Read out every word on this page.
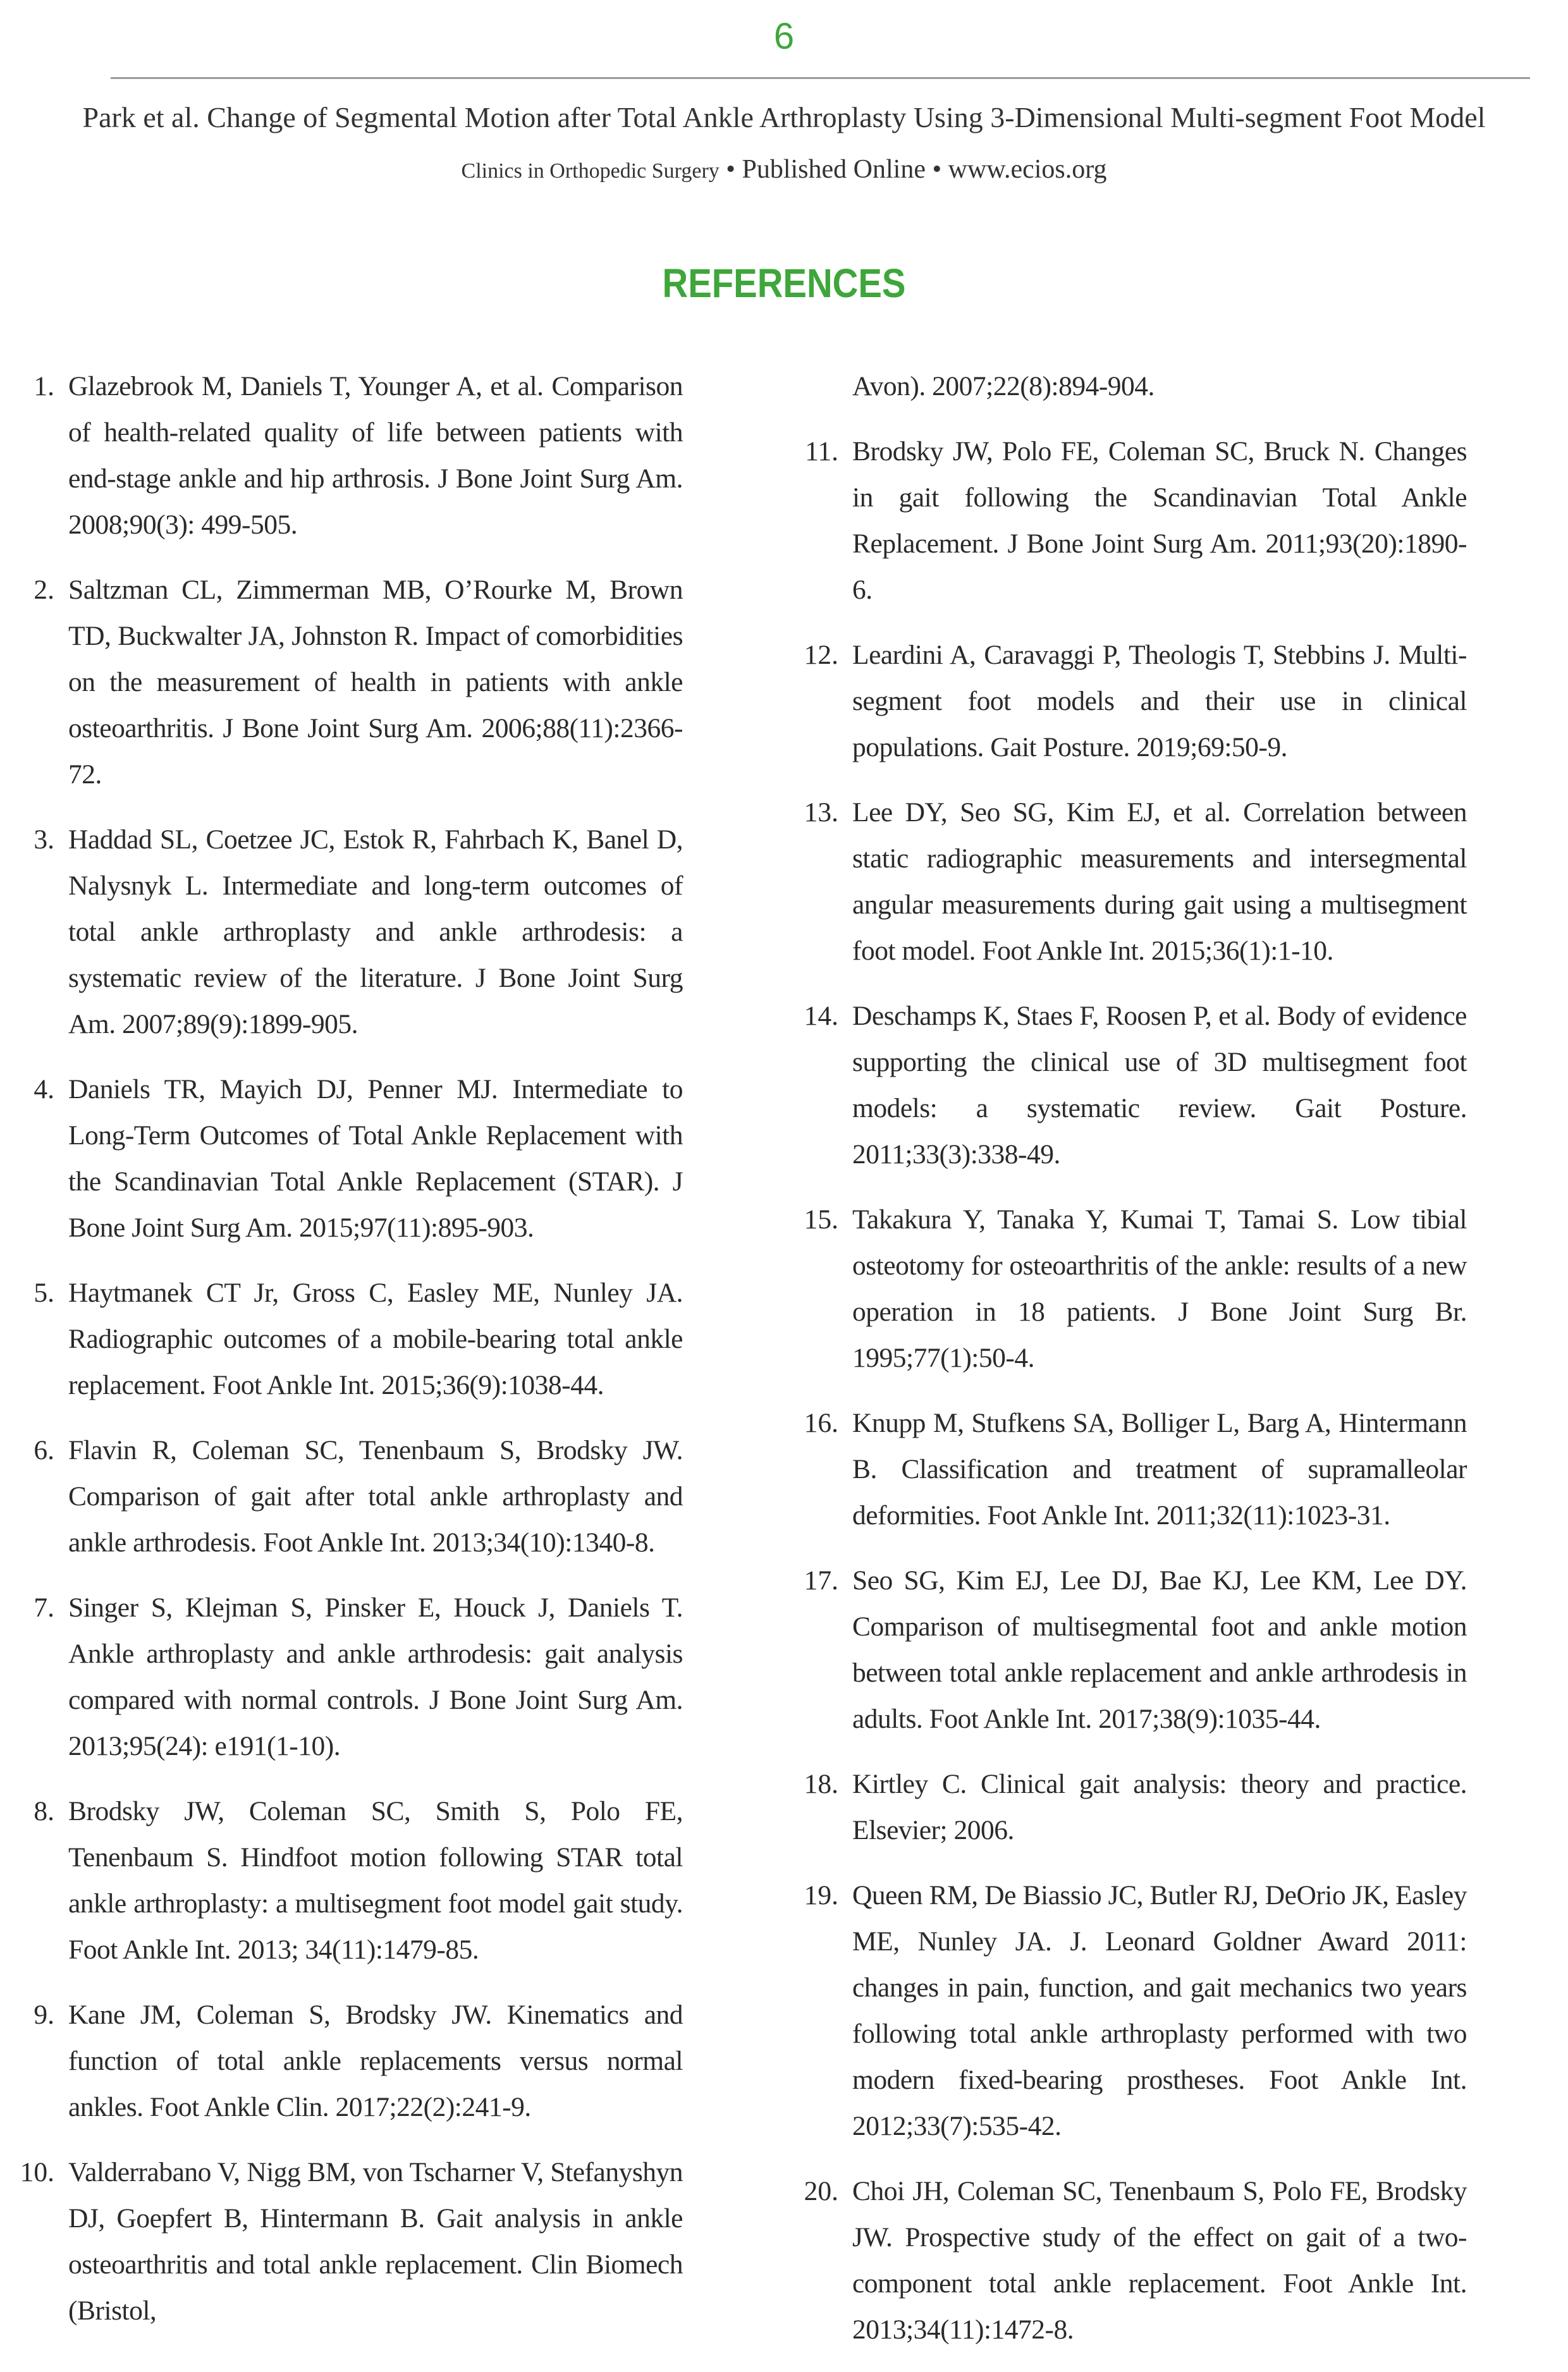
6
Park et al. Change of Segmental Motion after Total Ankle Arthroplasty Using 3-Dimensional Multi-segment Foot Model
Clinics in Orthopedic Surgery • Published Online • www.ecios.org
REFERENCES
1. Glazebrook M, Daniels T, Younger A, et al. Comparison of health-related quality of life between patients with end-stage ankle and hip arthrosis. J Bone Joint Surg Am. 2008;90(3): 499-505.
2. Saltzman CL, Zimmerman MB, O’Rourke M, Brown TD, Buckwalter JA, Johnston R. Impact of comorbidities on the measurement of health in patients with ankle osteoarthritis. J Bone Joint Surg Am. 2006;88(11):2366-72.
3. Haddad SL, Coetzee JC, Estok R, Fahrbach K, Banel D, Nalysnyk L. Intermediate and long-term outcomes of total ankle arthroplasty and ankle arthrodesis: a systematic review of the literature. J Bone Joint Surg Am. 2007;89(9):1899-905.
4. Daniels TR, Mayich DJ, Penner MJ. Intermediate to Long-Term Outcomes of Total Ankle Replacement with the Scandinavian Total Ankle Replacement (STAR). J Bone Joint Surg Am. 2015;97(11):895-903.
5. Haytmanek CT Jr, Gross C, Easley ME, Nunley JA. Radiographic outcomes of a mobile-bearing total ankle replacement. Foot Ankle Int. 2015;36(9):1038-44.
6. Flavin R, Coleman SC, Tenenbaum S, Brodsky JW. Comparison of gait after total ankle arthroplasty and ankle arthrodesis. Foot Ankle Int. 2013;34(10):1340-8.
7. Singer S, Klejman S, Pinsker E, Houck J, Daniels T. Ankle arthroplasty and ankle arthrodesis: gait analysis compared with normal controls. J Bone Joint Surg Am. 2013;95(24): e191(1-10).
8. Brodsky JW, Coleman SC, Smith S, Polo FE, Tenenbaum S. Hindfoot motion following STAR total ankle arthroplasty: a multisegment foot model gait study. Foot Ankle Int. 2013; 34(11):1479-85.
9. Kane JM, Coleman S, Brodsky JW. Kinematics and function of total ankle replacements versus normal ankles. Foot Ankle Clin. 2017;22(2):241-9.
10. Valderrabano V, Nigg BM, von Tscharner V, Stefanyshyn DJ, Goepfert B, Hintermann B. Gait analysis in ankle osteoarthritis and total ankle replacement. Clin Biomech (Bristol,
Avon). 2007;22(8):894-904.
11. Brodsky JW, Polo FE, Coleman SC, Bruck N. Changes in gait following the Scandinavian Total Ankle Replacement. J Bone Joint Surg Am. 2011;93(20):1890-6.
12. Leardini A, Caravaggi P, Theologis T, Stebbins J. Multi-segment foot models and their use in clinical populations. Gait Posture. 2019;69:50-9.
13. Lee DY, Seo SG, Kim EJ, et al. Correlation between static radiographic measurements and intersegmental angular measurements during gait using a multisegment foot model. Foot Ankle Int. 2015;36(1):1-10.
14. Deschamps K, Staes F, Roosen P, et al. Body of evidence supporting the clinical use of 3D multisegment foot models: a systematic review. Gait Posture. 2011;33(3):338-49.
15. Takakura Y, Tanaka Y, Kumai T, Tamai S. Low tibial osteotomy for osteoarthritis of the ankle: results of a new operation in 18 patients. J Bone Joint Surg Br. 1995;77(1):50-4.
16. Knupp M, Stufkens SA, Bolliger L, Barg A, Hintermann B. Classification and treatment of supramalleolar deformities. Foot Ankle Int. 2011;32(11):1023-31.
17. Seo SG, Kim EJ, Lee DJ, Bae KJ, Lee KM, Lee DY. Comparison of multisegmental foot and ankle motion between total ankle replacement and ankle arthrodesis in adults. Foot Ankle Int. 2017;38(9):1035-44.
18. Kirtley C. Clinical gait analysis: theory and practice. Elsevier; 2006.
19. Queen RM, De Biassio JC, Butler RJ, DeOrio JK, Easley ME, Nunley JA. J. Leonard Goldner Award 2011: changes in pain, function, and gait mechanics two years following total ankle arthroplasty performed with two modern fixed-bearing prostheses. Foot Ankle Int. 2012;33(7):535-42.
20. Choi JH, Coleman SC, Tenenbaum S, Polo FE, Brodsky JW. Prospective study of the effect on gait of a two-component total ankle replacement. Foot Ankle Int. 2013;34(11):1472-8.
